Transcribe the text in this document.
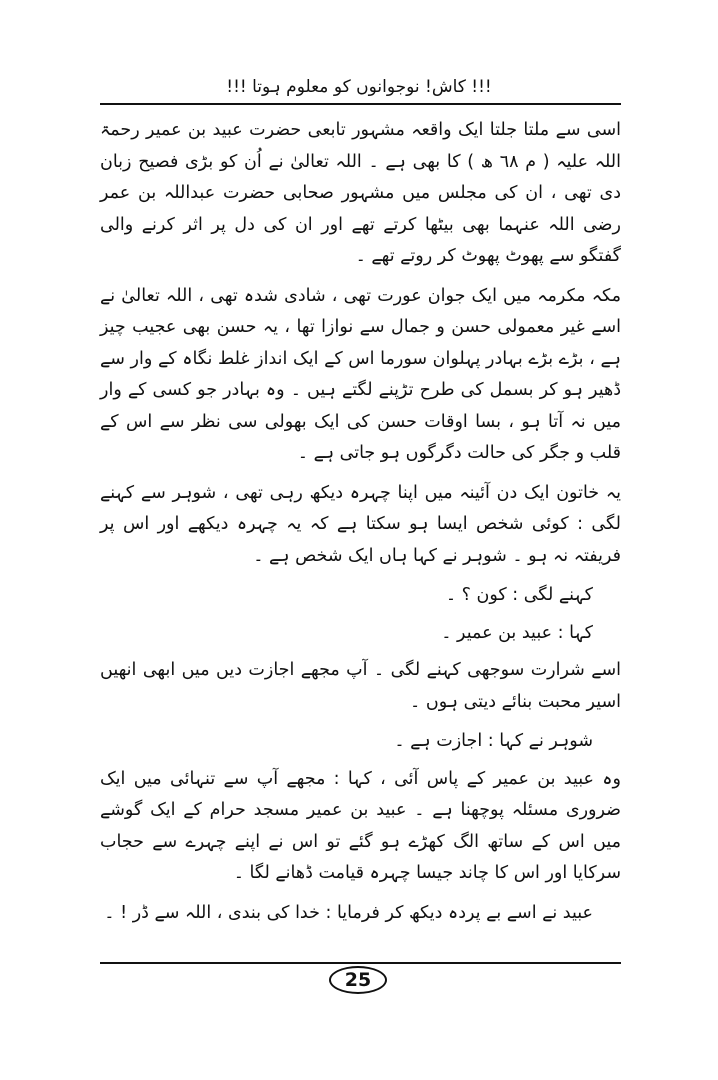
!!! کاش! نوجوانوں کو معلوم ہوتا !!!

اسی سے ملتا جلتا ایک واقعہ مشہور تابعی حضرت عبید بن عمیر رحمۃ اللہ علیہ ( م ٦٨ ھ ) کا بھی ہے ۔ اللہ تعالیٰ نے اُن کو بڑی فصیح زبان دی تھی ، ان کی مجلس میں مشہور صحابی حضرت عبداللہ بن عمر رضی اللہ عنہما بھی بیٹھا کرتے تھے اور ان کی دل پر اثر کرنے والی گفتگو سے پھوٹ پھوٹ کر روتے تھے ۔

مکہ مکرمہ میں ایک جوان عورت تھی ، شادی شدہ تھی ، اللہ تعالیٰ نے اسے غیر معمولی حسن و جمال سے نوازا تھا ، یہ حسن بھی عجیب چیز ہے ، بڑے بڑے بہادر پہلوان سورما اس کے ایک انداز غلط نگاہ کے وار سے ڈھیر ہو کر بسمل کی طرح تڑپنے لگتے ہیں ۔ وہ بہادر جو کسی کے وار میں نہ آتا ہو ، بسا اوقات حسن کی ایک بھولی سی نظر سے اس کے قلب و جگر کی حالت دگرگوں ہو جاتی ہے ۔

یہ خاتون ایک دن آئینہ میں اپنا چہرہ دیکھ رہی تھی ، شوہر سے کہنے لگی : کوئی شخص ایسا ہو سکتا ہے کہ یہ چہرہ دیکھے اور اس پر فریفتہ نہ ہو ۔ شوہر نے کہا ہاں ایک شخص ہے ۔

کہنے لگی : کون ؟ ۔

کہا : عبید بن عمیر ۔

اسے شرارت سوجھی کہنے لگی ۔ آپ مجھے اجازت دیں میں ابھی انھیں اسیر محبت بنائے دیتی ہوں ۔

شوہر نے کہا : اجازت ہے ۔

وہ عبید بن عمیر کے پاس آئی ، کہا : مجھے آپ سے تنہائی میں ایک ضروری مسئلہ پوچھنا ہے ۔ عبید بن عمیر مسجد حرام کے ایک گوشے میں اس کے ساتھ الگ کھڑے ہو گئے تو اس نے اپنے چہرے سے حجاب سرکایا اور اس کا چاند جیسا چہرہ قیامت ڈھانے لگا ۔

عبید نے اسے بے پردہ دیکھ کر فرمایا : خدا کی بندی ، اللہ سے ڈر ! ۔

25
